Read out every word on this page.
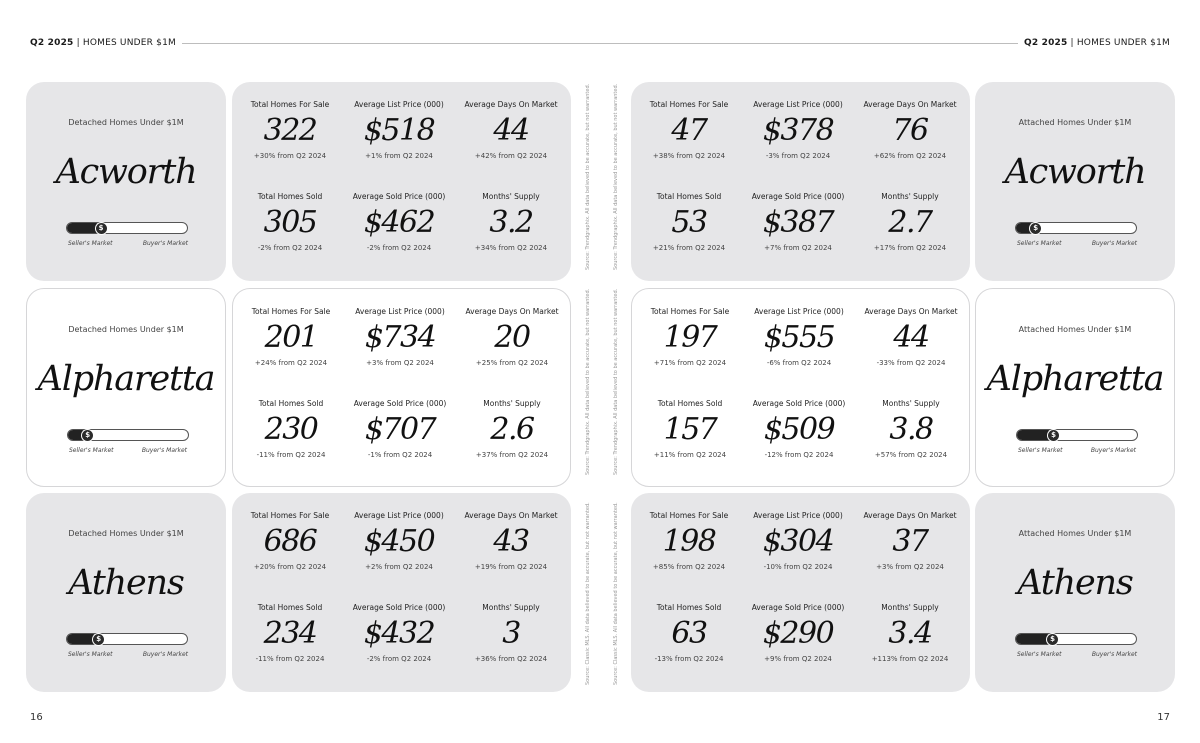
Q2 2025 | HOMES UNDER $1M	Q2 2025 | HOMES UNDER $1M
Detached Homes Under $1M
Acworth
$
Seller's Market	Buyer's Market
Total Homes For Sale
322
+30% from Q2 2024
Average List Price (000)
$518
+1% from Q2 2024
Average Days On Market
44
+42% from Q2 2024
Total Homes Sold
305
-2% from Q2 2024
Average Sold Price (000)
$462
-2% from Q2 2024
Months' Supply
3.2
+34% from Q2 2024
Detached Homes Under $1M
Alpharetta
$
Seller's Market	Buyer's Market
Total Homes For Sale
201
+24% from Q2 2024
Average List Price (000)
$734
+3% from Q2 2024
Average Days On Market
20
+25% from Q2 2024
Total Homes Sold
230
-11% from Q2 2024
Average Sold Price (000)
$707
-1% from Q2 2024
Months' Supply
2.6
+37% from Q2 2024
Detached Homes Under $1M
Athens
$
Seller's Market	Buyer's Market
Total Homes For Sale
686
+20% from Q2 2024
Average List Price (000)
$450
+2% from Q2 2024
Average Days On Market
43
+19% from Q2 2024
Total Homes Sold
234
-11% from Q2 2024
Average Sold Price (000)
$432
-2% from Q2 2024
Months' Supply
3
+36% from Q2 2024
Attached Homes Under $1M
Acworth
$
Seller's Market	Buyer's Market
Total Homes For Sale
47
+38% from Q2 2024
Average List Price (000)
$378
-3% from Q2 2024
Average Days On Market
76
+62% from Q2 2024
Total Homes Sold
53
+21% from Q2 2024
Average Sold Price (000)
$387
+7% from Q2 2024
Months' Supply
2.7
+17% from Q2 2024
Attached Homes Under $1M
Alpharetta
$
Seller's Market	Buyer's Market
Total Homes For Sale
197
+71% from Q2 2024
Average List Price (000)
$555
-6% from Q2 2024
Average Days On Market
44
-33% from Q2 2024
Total Homes Sold
157
+11% from Q2 2024
Average Sold Price (000)
$509
-12% from Q2 2024
Months' Supply
3.8
+57% from Q2 2024
Attached Homes Under $1M
Athens
$
Seller's Market	Buyer's Market
Total Homes For Sale
198
+85% from Q2 2024
Average List Price (000)
$304
-10% from Q2 2024
Average Days On Market
37
+3% from Q2 2024
Total Homes Sold
63
-13% from Q2 2024
Average Sold Price (000)
$290
+9% from Q2 2024
Months' Supply
3.4
+113% from Q2 2024
Source: Trendgraphix. All data believed to be accurate, but not warranted.	Source: Trendgraphix. All data believed to be accurate, but not warranted.
Source: Trendgraphix. All data believed to be accurate, but not warranted.	Source: Trendgraphix. All data believed to be accurate, but not warranted.
Source: Classic MLS. All data believed to be accurate, but not warranted.	Source: Classic MLS. All data believed to be accurate, but not warranted.
16	17
